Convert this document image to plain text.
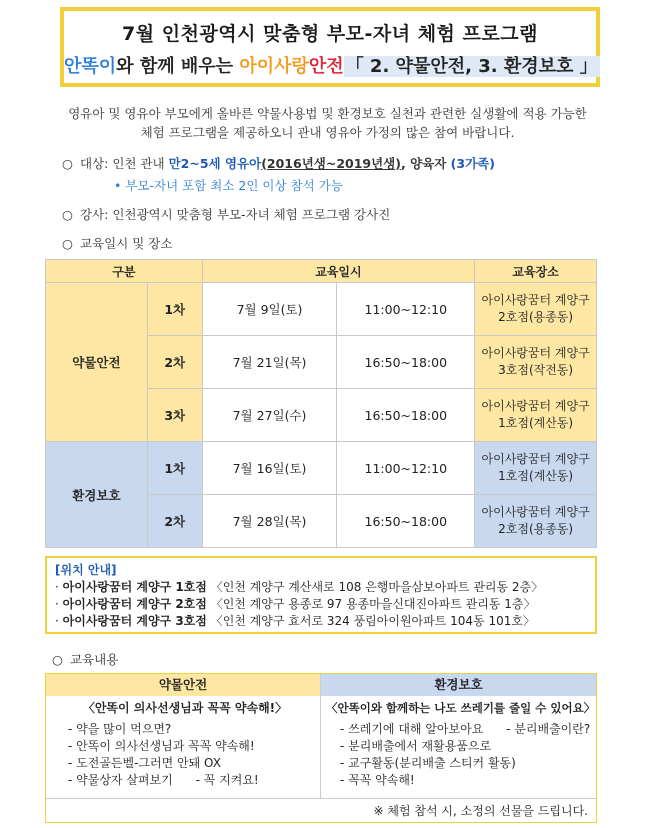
7월 인천광역시 맞춤형 부모-자녀 체험 프로그램
안똑이와 함께 배우는 아이사랑안전 「 2. 약물안전, 3. 환경보호 」
영유아 및 영유아 부모에게 올바른 약물사용법 및 환경보호 실천과 관련한 실생활에 적용 가능한
체험 프로그램을 제공하오니 관내 영유아 가정의 많은 참여 바랍니다.
○ 대상: 인천 관내 만2~5세 영유아(2016년생~2019년생), 양육자 (3가족)
• 부모-자녀 포함 최소 2인 이상 참석 가능
○ 강사: 인천광역시 맞춤형 부모-자녀 체험 프로그램 강사진
○ 교육일시 및 장소
구분		교육일시		교육장소
약물안전	1차	7월 9일(토)	11:00~12:10	아이사랑꿈터 계양구
2호점(용종동)

	2차	7월 21일(목)	16:50~18:00	아이사랑꿈터 계양구
3호점(작전동)

	3차	7월 27일(수)	16:50~18:00	아이사랑꿈터 계양구
1호점(계산동)

환경보호	1차	7월 16일(토)	11:00~12:10	아이사랑꿈터 계양구
1호점(계산동)

	2차	7월 28일(목)	16:50~18:00	아이사랑꿈터 계양구
2호점(용종동)
[위치 안내]
· 아이사랑꿈터 계양구 1호점 〈인천 계양구 계산새로 108 은행마을삼보아파트 관리동 2층〉
· 아이사랑꿈터 계양구 2호점 〈인천 계양구 용종로 97 용종마을신대진아파트 관리동 1층〉
· 아이사랑꿈터 계양구 3호점 〈인천 계양구 효서로 324 풍림아이원아파트 104동 101호〉
○ 교육내용
약물안전	환경보호
〈안똑이 의사선생님과 꼭꼭 약속해!〉
- 약을 많이 먹으면?
- 안똑이 의사선생님과 꼭꼭 약속해!
- 도전골든벨-그러면 안돼 OX
- 약물상자 살펴보기      - 꼭 지켜요!
〈안똑이와 함께하는 나도 쓰레기를 줄일 수 있어요〉
- 쓰레기에 대해 알아보아요      - 분리배출이란?
- 분리배출에서 재활용품으로
- 교구활동(분리배출 스티커 활동)
- 꼭꼭 약속해!
※ 체험 참석 시, 소정의 선물을 드립니다.
